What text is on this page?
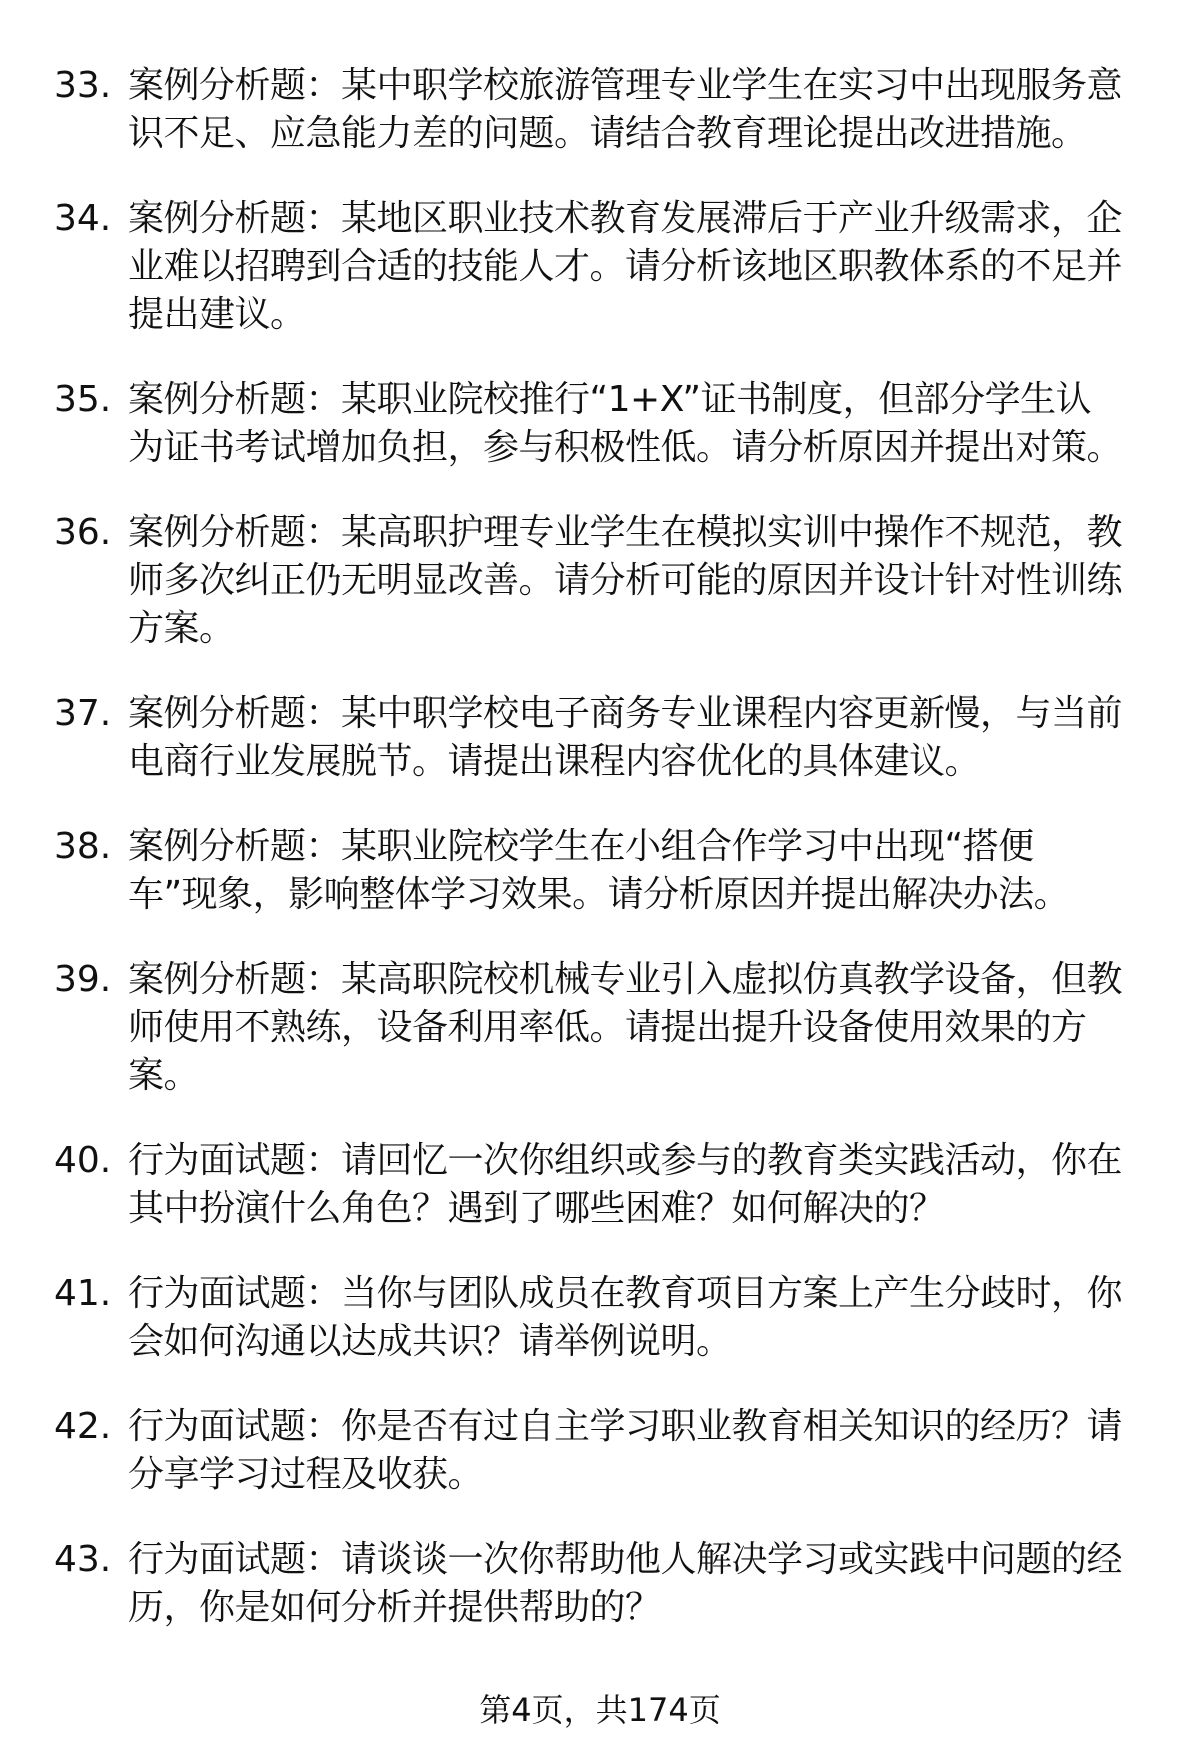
33. 案例分析题：某中职学校旅游管理专业学生在实习中出现服务意
识不足、应急能力差的问题。请结合教育理论提出改进措施。
34. 案例分析题：某地区职业技术教育发展滞后于产业升级需求，企
业难以招聘到合适的技能人才。请分析该地区职教体系的不足并
提出建议。
35. 案例分析题：某职业院校推行“1+X”证书制度，但部分学生认
为证书考试增加负担，参与积极性低。请分析原因并提出对策。
36. 案例分析题：某高职护理专业学生在模拟实训中操作不规范，教
师多次纠正仍无明显改善。请分析可能的原因并设计针对性训练
方案。
37. 案例分析题：某中职学校电子商务专业课程内容更新慢，与当前
电商行业发展脱节。请提出课程内容优化的具体建议。
38. 案例分析题：某职业院校学生在小组合作学习中出现“搭便
车”现象，影响整体学习效果。请分析原因并提出解决办法。
39. 案例分析题：某高职院校机械专业引入虚拟仿真教学设备，但教
师使用不熟练，设备利用率低。请提出提升设备使用效果的方
案。
40. 行为面试题：请回忆一次你组织或参与的教育类实践活动，你在
其中扮演什么角色？遇到了哪些困难？如何解决的？
41. 行为面试题：当你与团队成员在教育项目方案上产生分歧时，你
会如何沟通以达成共识？请举例说明。
42. 行为面试题：你是否有过自主学习职业教育相关知识的经历？请
分享学习过程及收获。
43. 行为面试题：请谈谈一次你帮助他人解决学习或实践中问题的经
历，你是如何分析并提供帮助的？
第4页，共174页
